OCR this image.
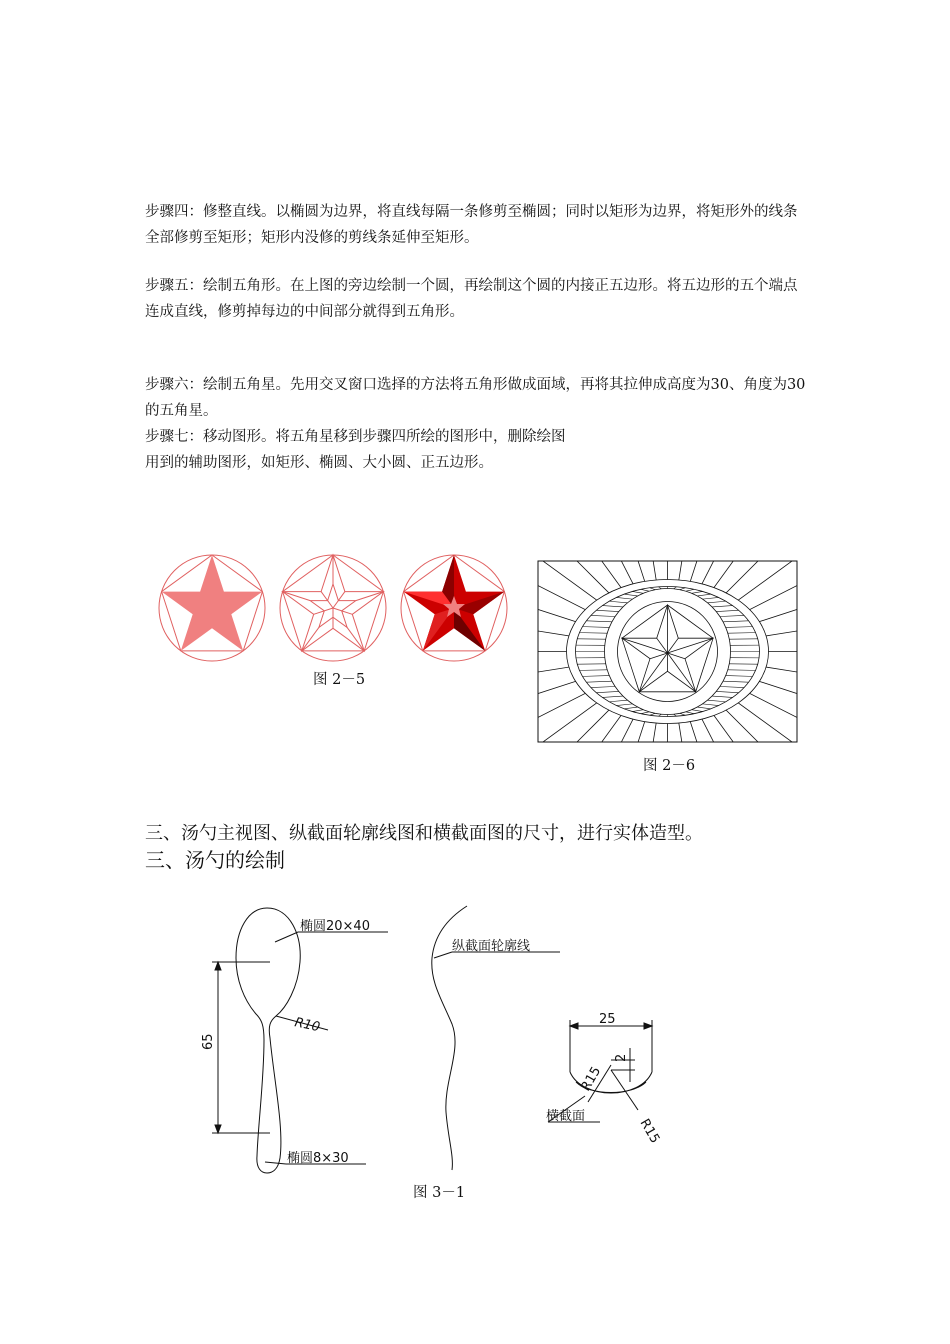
步骤四：修整直线。以椭圆为边界，将直线每隔一条修剪至椭圆；同时以矩形为边界，将矩形外的线条全部修剪至矩形；矩形内没修的剪线条延伸至矩形。

步骤五：绘制五角形。在上图的旁边绘制一个圆，再绘制这个圆的内接正五边形。将五边形的五个端点连成直线，修剪掉每边的中间部分就得到五角形。

步骤六：绘制五角星。先用交叉窗口选择的方法将五角形做成面域，再将其拉伸成高度为30、角度为30的五角星。

步骤七：移动图形。将五角星移到步骤四所绘的图形中，删除绘图
用到的辅助图形，如矩形、椭圆、大小圆、正五边形。

图 2－5
图 2－6

三、汤勺主视图、纵截面轮廓线图和横截面图的尺寸，进行实体造型。

三、汤勺的绘制

椭圆20×40
R10
65
椭圆8×30
纵截面轮廓线
25
2
R15
R15
横截面
图 3－1
